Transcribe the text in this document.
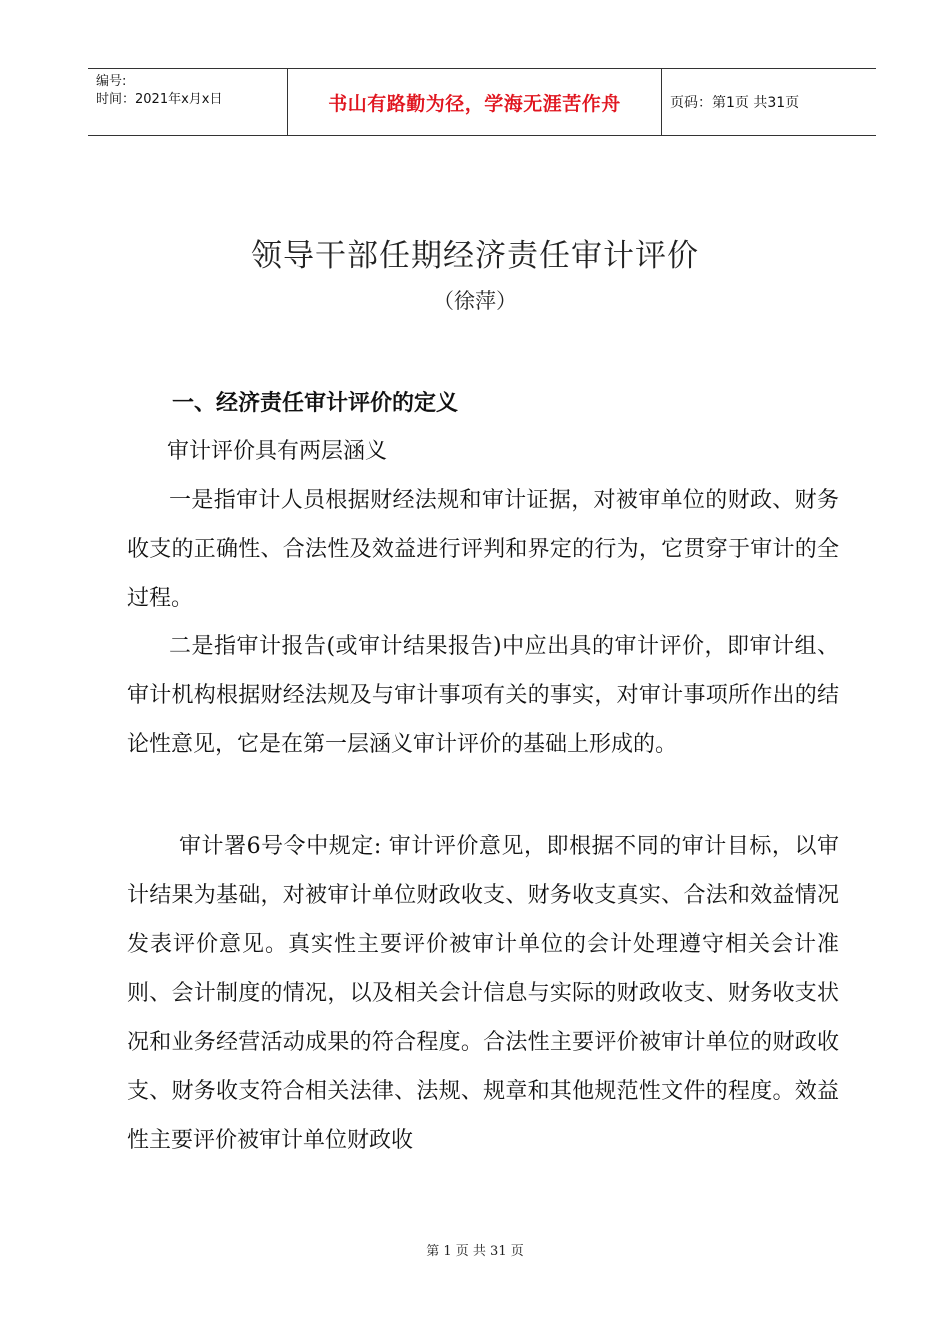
编号:
时间：2021年x月x日	书山有路勤为径，学海无涯苦作舟	页码：第1页 共31页
领导干部任期经济责任审计评价
（徐萍）
一、经济责任审计评价的定义

审计评价具有两层涵义

一是指审计人员根据财经法规和审计证据，对被审单位的财政、财务收支的正确性、合法性及效益进行评判和界定的行为，它贯穿于审计的全过程。

二是指审计报告(或审计结果报告)中应出具的审计评价，即审计组、审计机构根据财经法规及与审计事项有关的事实，对审计事项所作出的结论性意见，它是在第一层涵义审计评价的基础上形成的。

审计署6号令中规定: 审计评价意见，即根据不同的审计目标，以审计结果为基础，对被审计单位财政收支、财务收支真实、合法和效益情况发表评价意见。真实性主要评价被审计单位的会计处理遵守相关会计准则、会计制度的情况，以及相关会计信息与实际的财政收支、财务收支状况和业务经营活动成果的符合程度。合法性主要评价被审计单位的财政收支、财务收支符合相关法律、法规、规章和其他规范性文件的程度。效益性主要评价被审计单位财政收

第 1 页 共 31 页
